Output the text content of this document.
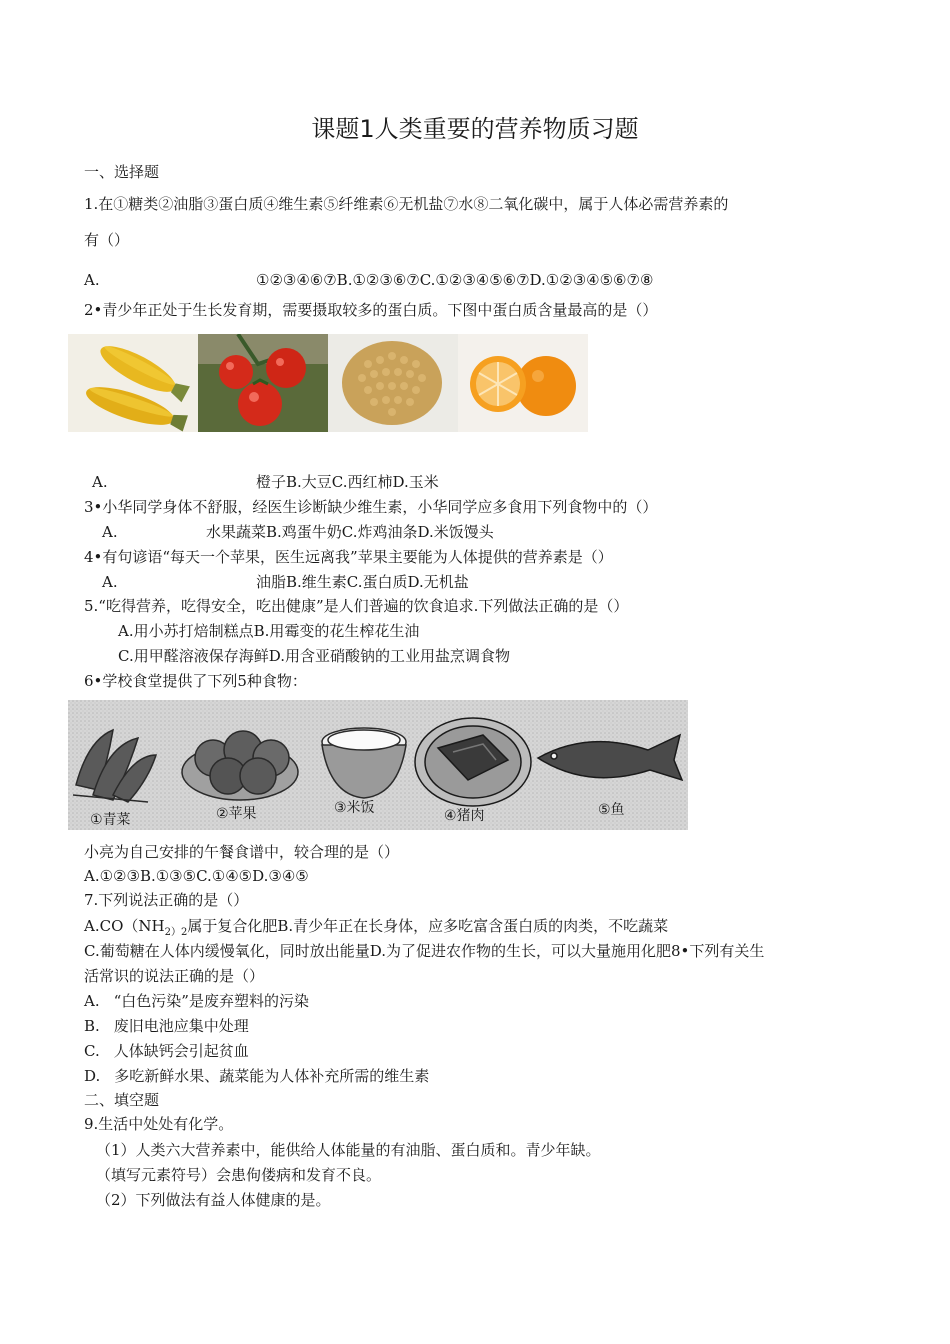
课题1人类重要的营养物质习题
一、选择题
1.在①糖类②油脂③蛋白质④维生素⑤纤维素⑥无机盐⑦水⑧二氧化碳中，属于人体必需营养素的
有（）
A.	①②③④⑥⑦B.①②③⑥⑦C.①②③④⑤⑥⑦D.①②③④⑤⑥⑦⑧
2•青少年正处于生长发育期，需要摄取较多的蛋白质。下图中蛋白质含量最高的是（）
A.	橙子B.大豆C.西红柿D.玉米
3•小华同学身体不舒服，经医生诊断缺少维生素，小华同学应多食用下列食物中的（）
A.	水果蔬菜B.鸡蛋牛奶C.炸鸡油条D.米饭馒头
4•有句谚语“每天一个苹果，医生远离我”苹果主要能为人体提供的营养素是（）
A.	油脂B.维生素C.蛋白质D.无机盐
5.“吃得营养，吃得安全，吃出健康”是人们普遍的饮食追求.下列做法正确的是（）
A.用小苏打焙制糕点B.用霉变的花生榨花生油
C.用甲醛溶液保存海鲜D.用含亚硝酸钠的工业用盐烹调食物
6•学校食堂提供了下列5种食物：
①青菜	②苹果	③米饭	④猪肉	⑤鱼
小亮为自己安排的午餐食谱中，较合理的是（）
A.①②③B.①③⑤C.①④⑤D.③④⑤
7.下列说法正确的是（）
$A.CO(NH_{2)2}$属于复合化肥B.青少年正在长身体，应多吃富含蛋白质的肉类，不吃蔬菜
C.葡萄糖在人体内缓慢氧化，同时放出能量D.为了促进农作物的生长，可以大量施用化肥8•下列有关生
活常识的说法正确的是（）
A. “白色污染”是废弃塑料的污染
B. 废旧电池应集中处理
C. 人体缺钙会引起贫血
D. 多吃新鲜水果、蔬菜能为人体补充所需的维生素
二、填空题
9.生活中处处有化学。
（1）人类六大营养素中，能供给人体能量的有油脂、蛋白质和。青少年缺。
（填写元素符号）会患佝偻病和发育不良。
（2）下列做法有益人体健康的是。
